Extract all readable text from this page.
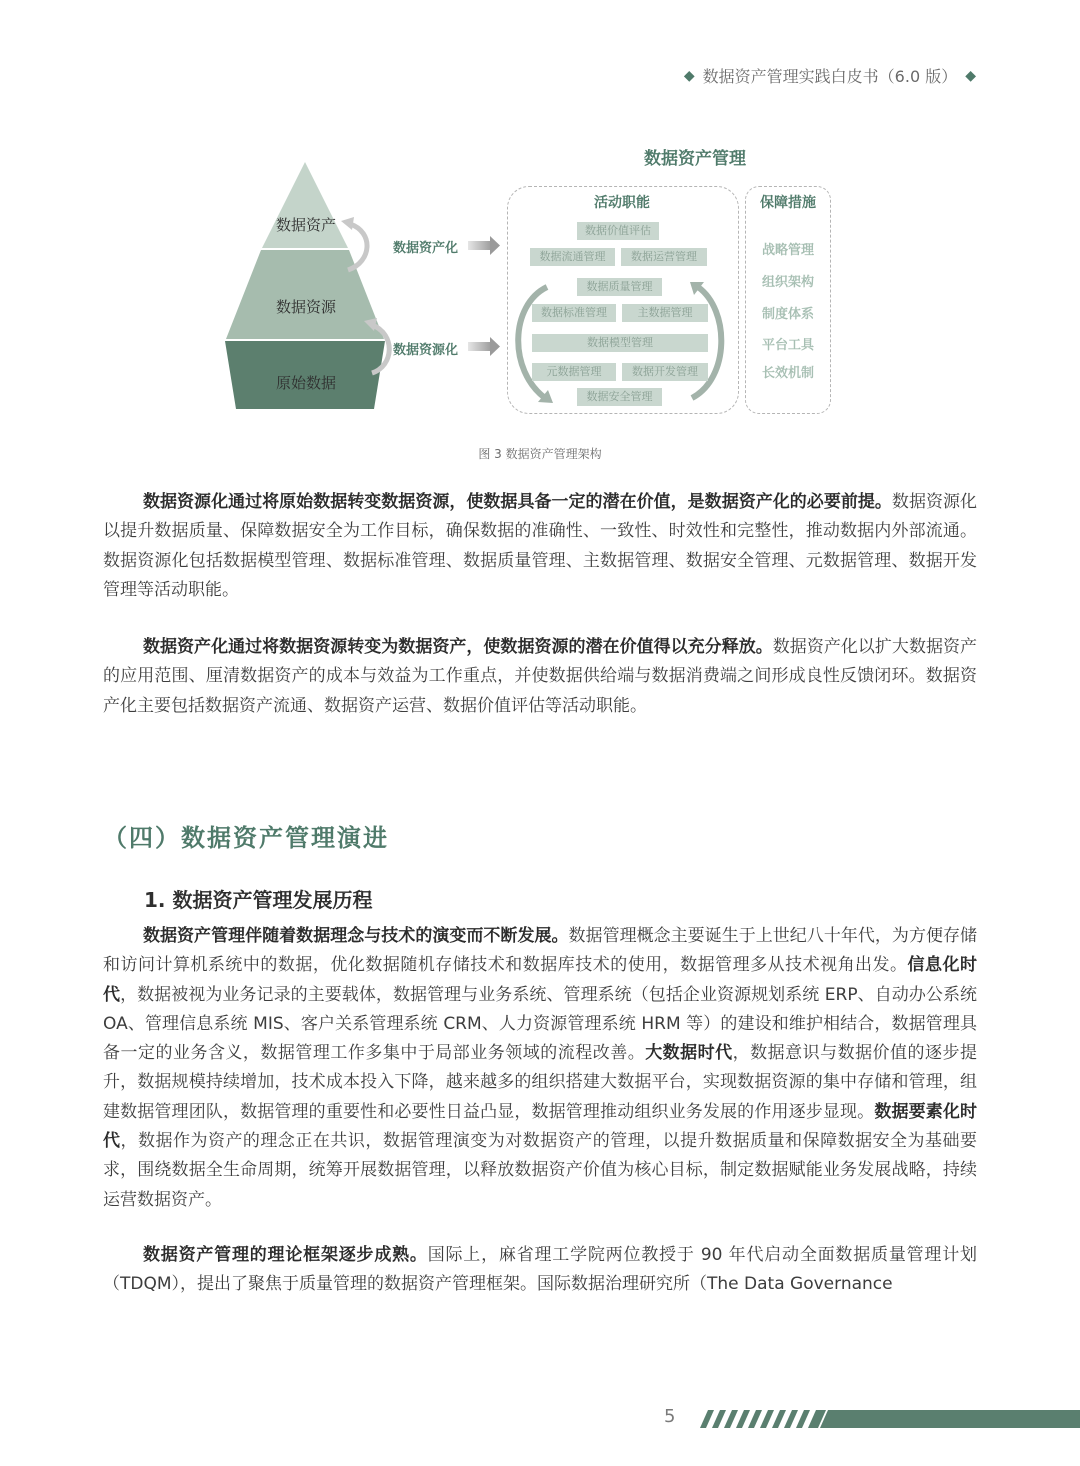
◆ 数据资产管理实践白皮书（6.0 版） ◆
数据资产
数据资源
原始数据
数据资产化
数据资源化
数据资产管理
活动职能
数据价值评估
数据流通管理	数据运营管理
数据质量管理
数据标准管理	主数据管理
数据模型管理
元数据管理	数据开发管理
数据安全管理
保障措施
战略管理
组织架构
制度体系
平台工具
长效机制
图 3 数据资产管理架构
数据资源化通过将原始数据转变数据资源，使数据具备一定的潜在价值，是数据资产化的必要前提。数据资源化以提升数据质量、保障数据安全为工作目标，确保数据的准确性、一致性、时效性和完整性，推动数据内外部流通。数据资源化包括数据模型管理、数据标准管理、数据质量管理、主数据管理、数据安全管理、元数据管理、数据开发管理等活动职能。
数据资产化通过将数据资源转变为数据资产，使数据资源的潜在价值得以充分释放。数据资产化以扩大数据资产的应用范围、厘清数据资产的成本与效益为工作重点，并使数据供给端与数据消费端之间形成良性反馈闭环。数据资产化主要包括数据资产流通、数据资产运营、数据价值评估等活动职能。
（四）数据资产管理演进
1. 数据资产管理发展历程
数据资产管理伴随着数据理念与技术的演变而不断发展。数据管理概念主要诞生于上世纪八十年代，为方便存储和访问计算机系统中的数据，优化数据随机存储技术和数据库技术的使用，数据管理多从技术视角出发。信息化时代，数据被视为业务记录的主要载体，数据管理与业务系统、管理系统（包括企业资源规划系统 ERP、自动办公系统 OA、管理信息系统 MIS、客户关系管理系统 CRM、人力资源管理系统 HRM 等）的建设和维护相结合，数据管理具备一定的业务含义，数据管理工作多集中于局部业务领域的流程改善。大数据时代，数据意识与数据价值的逐步提升，数据规模持续增加，技术成本投入下降，越来越多的组织搭建大数据平台，实现数据资源的集中存储和管理，组建数据管理团队，数据管理的重要性和必要性日益凸显，数据管理推动组织业务发展的作用逐步显现。数据要素化时代，数据作为资产的理念正在共识，数据管理演变为对数据资产的管理，以提升数据质量和保障数据安全为基础要求，围绕数据全生命周期，统筹开展数据管理，以释放数据资产价值为核心目标，制定数据赋能业务发展战略，持续运营数据资产。
数据资产管理的理论框架逐步成熟。国际上，麻省理工学院两位教授于 90 年代启动全面数据质量管理计划（TDQM），提出了聚焦于质量管理的数据资产管理框架。国际数据治理研究所（The Data Governance
5
